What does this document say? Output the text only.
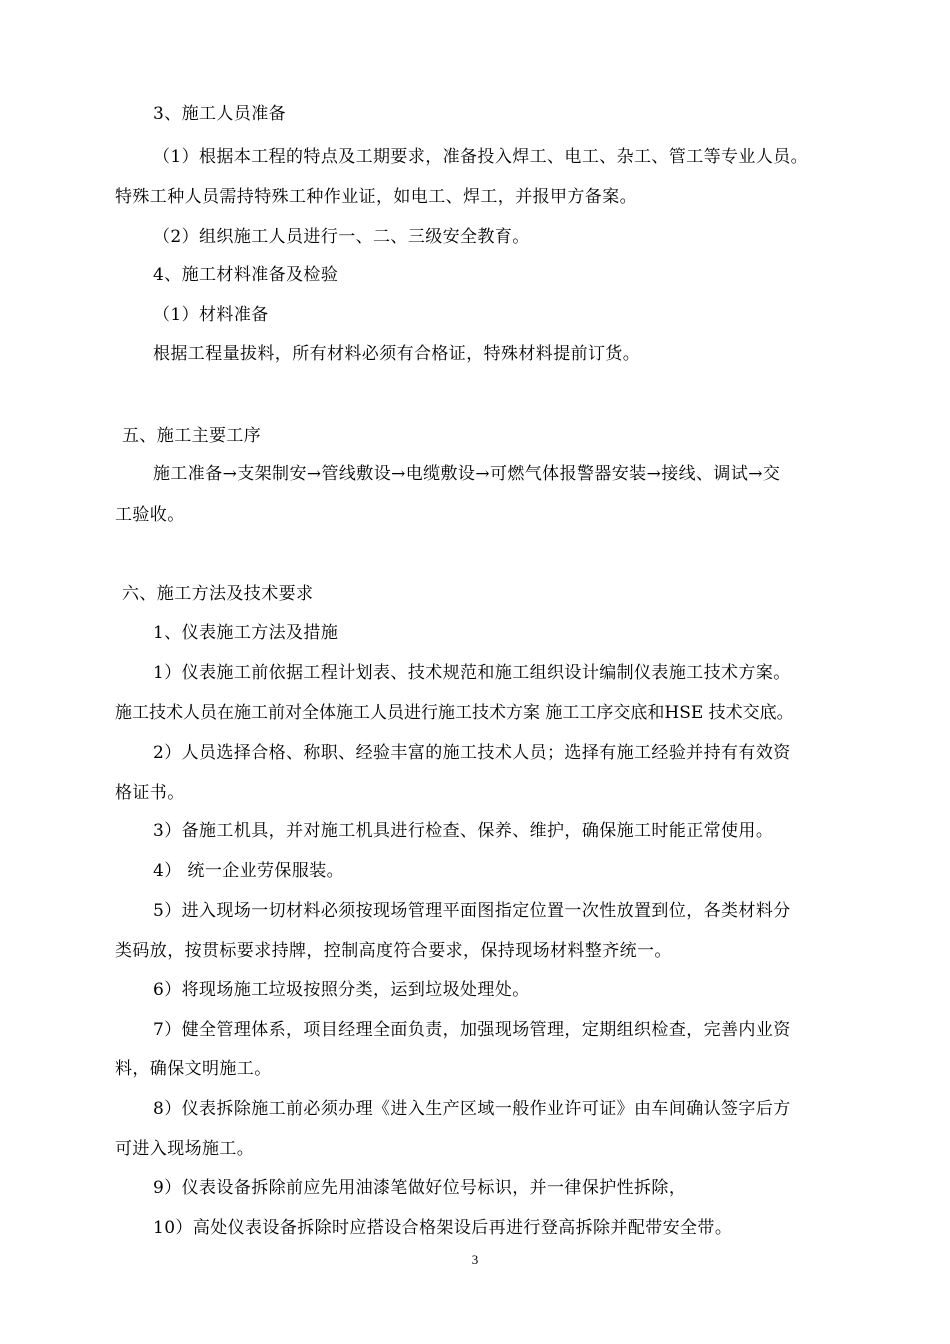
3、施工人员准备
（1）根据本工程的特点及工期要求，准备投入焊工、电工、杂工、管工等专业人员。
特殊工种人员需持特殊工种作业证，如电工、焊工，并报甲方备案。
（2）组织施工人员进行一、二、三级安全教育。
4、施工材料准备及检验
（1）材料准备
根据工程量拔料，所有材料必须有合格证，特殊材料提前订货。
五、施工主要工序
施工准备→支架制安→管线敷设→电缆敷设→可燃气体报警器安装→接线、调试→交
工验收。
六、施工方法及技术要求
1、仪表施工方法及措施
1）仪表施工前依据工程计划表、技术规范和施工组织设计编制仪表施工技术方案。
施工技术人员在施工前对全体施工人员进行施工技术方案 施工工序交底和HSE 技术交底。
2）人员选择合格、称职、经验丰富的施工技术人员；选择有施工经验并持有有效资
格证书。
3）备施工机具，并对施工机具进行检查、保养、维护，确保施工时能正常使用。
4） 统一企业劳保服装。
5）进入现场一切材料必须按现场管理平面图指定位置一次性放置到位，各类材料分
类码放，按贯标要求持牌，控制高度符合要求，保持现场材料整齐统一。
6）将现场施工垃圾按照分类，运到垃圾处理处。
7）健全管理体系，项目经理全面负责，加强现场管理，定期组织检查，完善内业资
料，确保文明施工。
8）仪表拆除施工前必须办理《进入生产区域一般作业许可证》由车间确认签字后方
可进入现场施工。
9）仪表设备拆除前应先用油漆笔做好位号标识，并一律保护性拆除，
10）高处仪表设备拆除时应搭设合格架设后再进行登高拆除并配带安全带。
3
